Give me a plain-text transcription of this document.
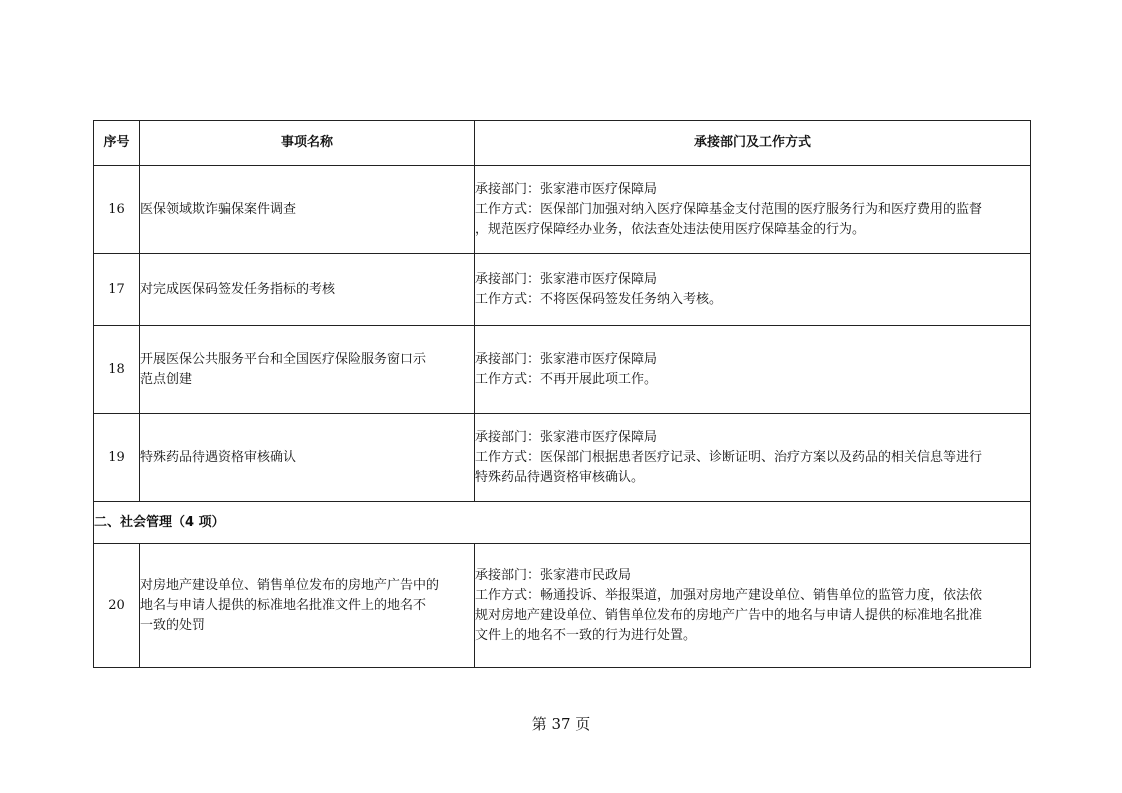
序号	事项名称	承接部门及工作方式
16	医保领域欺诈骗保案件调查	承接部门：张家港市医疗保障局
工作方式：医保部门加强对纳入医疗保障基金支付范围的医疗服务行为和医疗费用的监督
，规范医疗保障经办业务，依法查处违法使用医疗保障基金的行为。

17	对完成医保码签发任务指标的考核	承接部门：张家港市医疗保障局
工作方式：不将医保码签发任务纳入考核。

18	开展医保公共服务平台和全国医疗保险服务窗口示
范点创建	承接部门：张家港市医疗保障局
工作方式：不再开展此项工作。

19	特殊药品待遇资格审核确认	承接部门：张家港市医疗保障局
工作方式：医保部门根据患者医疗记录、诊断证明、治疗方案以及药品的相关信息等进行
特殊药品待遇资格审核确认。

二、社会管理（4 项）		
20	对房地产建设单位、销售单位发布的房地产广告中的
地名与申请人提供的标准地名批准文件上的地名不
一致的处罚	承接部门：张家港市民政局
工作方式：畅通投诉、举报渠道，加强对房地产建设单位、销售单位的监管力度，依法依
规对房地产建设单位、销售单位发布的房地产广告中的地名与申请人提供的标准地名批准
文件上的地名不一致的行为进行处置。
第 37 页
